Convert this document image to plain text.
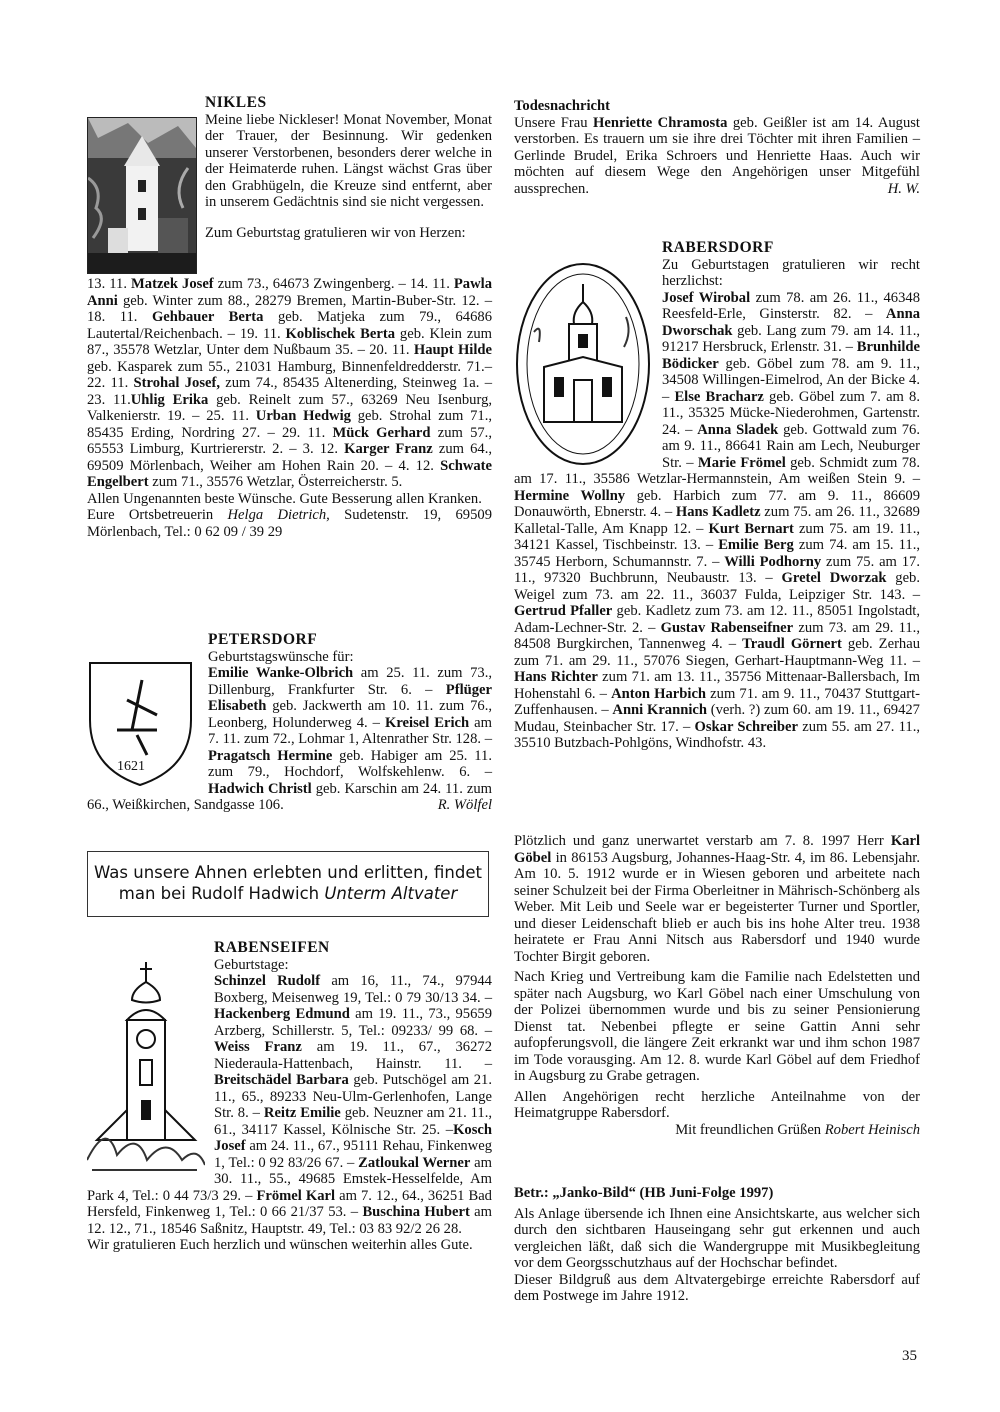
NIKLES

Meine liebe Nickleser! Monat November, Monat der Trauer, der Besinnung. Wir gedenken unserer Verstorbenen, besonders derer welche in der Heimaterde ruhen. Längst wächst Gras über den Grabhügeln, die Kreuze sind entfernt, aber in unserem Gedächtnis sind sie nicht vergessen.

Zum Geburtstag gratulieren wir von Herzen:

13. 11. Matzek Josef zum 73., 64673 Zwingenberg. – 14. 11. Pawla Anni geb. Winter zum 88., 28279 Bremen, Martin-Buber-Str. 12. – 18. 11. Gehbauer Berta geb. Matjeka zum 79., 64686 Lautertal/Reichenbach. – 19. 11. Koblischek Berta geb. Klein zum 87., 35578 Wetzlar, Unter dem Nußbaum 35. – 20. 11. Haupt Hilde geb. Kasparek zum 55., 21031 Hamburg, Binnenfeldredderstr. 71.– 22. 11. Strohal Josef, zum 74., 85435 Altenerding, Steinweg 1a. – 23. 11.Uhlig Erika geb. Reinelt zum 57., 63269 Neu Isenburg, Valkenierstr. 19. – 25. 11. Urban Hedwig geb. Strohal zum 71., 85435 Erding, Nordring 27. – 29. 11. Mück Gerhard zum 57., 65553 Limburg, Kurtriererstr. 2. – 3. 12. Karger Franz zum 64., 69509 Mörlenbach, Weiher am Hohen Rain 20. – 4. 12. Schwate Engelbert zum 71., 35576 Wetzlar, Österreicherstr. 5.

Allen Ungenannten beste Wünsche. Gute Besserung allen Kranken.

Eure Ortsbetreuerin Helga Dietrich, Sudetenstr. 19, 69509 Mörlenbach, Tel.: 0 62 09 / 39 29

1621
PETERSDORF

Geburtstagswünsche für:

Emilie Wanke-Olbrich am 25. 11. zum 73., Dillenburg, Frankfurter Str. 6. – Pflüger Elisabeth geb. Jackwerth am 10. 11. zum 76., Leonberg, Holunderweg 4. – Kreisel Erich am 7. 11. zum 72., Lohmar 1, Altenrather Str. 128. – Pragatsch Hermine geb. Habiger am 25. 11. zum 79., Hochdorf, Wolfskehlenw. 6. – Hadwich Christl geb. Karschin am 24. 11. zum 66., Weißkirchen, Sandgasse 106.	R. Wölfel
Was unsere Ahnen erlebten und erlitten, findet
man bei Rudolf Hadwich Unterm Altvater
RABENSEIFEN

Geburtstage:

Schinzel Rudolf am 16, 11., 74., 97944 Boxberg, Meisenweg 19, Tel.: 0 79 30/13 34. – Hackenberg Edmund am 19. 11., 73., 95659 Arzberg, Schillerstr. 5, Tel.: 09233/ 99 68. – Weiss Franz am 19. 11., 67., 36272 Niederaula-Hattenbach, Hainstr. 11. – Breitschädel Barbara geb. Putschögel am 21. 11., 65., 89233 Neu-Ulm-Gerlenhofen, Lange Str. 8. – Reitz Emilie geb. Neuzner am 21. 11., 61., 34117 Kassel, Kölnische Str. 25. –Kosch Josef am 24. 11., 67., 95111 Rehau, Finkenweg 1, Tel.: 0 92 83/26 67. – Zatloukal Werner am 30. 11., 55., 49685 Emstek-Hesselfelde, Am Park 4, Tel.: 0 44 73/3 29. – Frömel Karl am 7. 12., 64., 36251 Bad Hersfeld, Finkenweg 1, Tel.: 0 66 21/37 53. – Buschina Hubert am 12. 12., 71., 18546 Saßnitz, Hauptstr. 49, Tel.: 03 83 92/2 26 28.

Wir gratulieren Euch herzlich und wünschen weiterhin alles Gute.

Todesnachricht

Unsere Frau Henriette Chramosta geb. Geißler ist am 14. August verstorben. Es trauern um sie ihre drei Töchter mit ihren Familien – Gerlinde Brudel, Erika Schroers und Henriette Haas. Auch wir möchten auf diesem Wege den Angehörigen unser Mitgefühl aussprechen.	H. W.
RABERSDORF

Zu Geburtstagen gratulieren wir recht herzlichst:

Josef Wirobal zum 78. am 26. 11., 46348 Reesfeld-Erle, Ginsterstr. 82. – Anna Dworschak geb. Lang zum 79. am 14. 11., 91217 Hersbruck, Erlenstr. 31. – Brunhilde Bödicker geb. Göbel zum 78. am 9. 11., 34508 Willingen-Eimelrod, An der Bicke 4. – Else Bracharz geb. Göbel zum 7. am 8. 11., 35325 Mücke-Niederohmen, Gartenstr. 24. – Anna Sladek geb. Gottwald zum 76. am 9. 11., 86641 Rain am Lech, Neuburger Str. – Marie Frömel geb. Schmidt zum 78. am 17. 11., 35586 Wetzlar-Hermannstein, Am weißen Stein 9. – Hermine Wollny geb. Harbich zum 77. am 9. 11., 86609 Donauwörth, Ebnerstr. 4. – Hans Kadletz zum 75. am 26. 11., 32689 Kalletal-Talle, Am Knapp 12. – Kurt Bernart zum 75. am 19. 11., 34121 Kassel, Tischbeinstr. 13. – Emilie Berg zum 74. am 15. 11., 35745 Herborn, Schumannstr. 7. – Willi Podhorny zum 75. am 17. 11., 97320 Buchbrunn, Neubaustr. 13. – Gretel Dworzak geb. Weigel zum 73. am 22. 11., 36037 Fulda, Leipziger Str. 143. – Gertrud Pfaller geb. Kadletz zum 73. am 12. 11., 85051 Ingolstadt, Adam-Lechner-Str. 2. – Gustav Rabenseifner zum 73. am 29. 11., 84508 Burgkirchen, Tannenweg 4. – Traudl Görnert geb. Zerhau zum 71. am 29. 11., 57076 Siegen, Gerhart-Hauptmann-Weg 11. – Hans Richter zum 71. am 13. 11., 35756 Mittenaar-Ballersbach, Im Hohenstahl 6. – Anton Harbich zum 71. am 9. 11., 70437 Stuttgart-Zuffenhausen. – Anni Krannich (verh. ?) zum 60. am 19. 11., 69427 Mudau, Steinbacher Str. 17. – Oskar Schreiber zum 55. am 27. 11., 35510 Butzbach-Pohlgöns, Windhofstr. 43.

Plötzlich und ganz unerwartet verstarb am 7. 8. 1997 Herr Karl Göbel in 86153 Augsburg, Johannes-Haag-Str. 4, im 86. Lebensjahr. Am 10. 5. 1912 wurde er in Wiesen geboren und arbeitete nach seiner Schulzeit bei der Firma Oberleitner in Mährisch-Schönberg als Weber. Mit Leib und Seele war er begeisterter Turner und Sportler, und dieser Leidenschaft blieb er auch bis ins hohe Alter treu. 1938 heiratete er Frau Anni Nitsch aus Rabersdorf und 1940 wurde Tochter Birgit geboren.

Nach Krieg und Vertreibung kam die Familie nach Edelstetten und später nach Augsburg, wo Karl Göbel nach einer Umschulung von der Polizei übernommen wurde und bis zu seiner Pensionierung Dienst tat. Nebenbei pflegte er seine Gattin Anni sehr aufopferungsvoll, die längere Zeit erkrankt war und ihm schon 1987 im Tode vorausging. Am 12. 8. wurde Karl Göbel auf dem Friedhof in Augsburg zu Grabe getragen.

Allen Angehörigen recht herzliche Anteilnahme von der Heimatgruppe Rabersdorf.

Mit freundlichen Grüßen Robert Heinisch

Betr.: „Janko-Bild“ (HB Juni-Folge 1997)

Als Anlage übersende ich Ihnen eine Ansichtskarte, aus welcher sich durch den sichtbaren Hauseingang sehr gut erkennen und auch vergleichen läßt, daß sich die Wandergruppe mit Musikbegleitung vor dem Georgsschutzhaus auf der Hochschar befindet.

Dieser Bildgruß aus dem Altvatergebirge erreichte Rabersdorf auf dem Postwege im Jahre 1912.

35
